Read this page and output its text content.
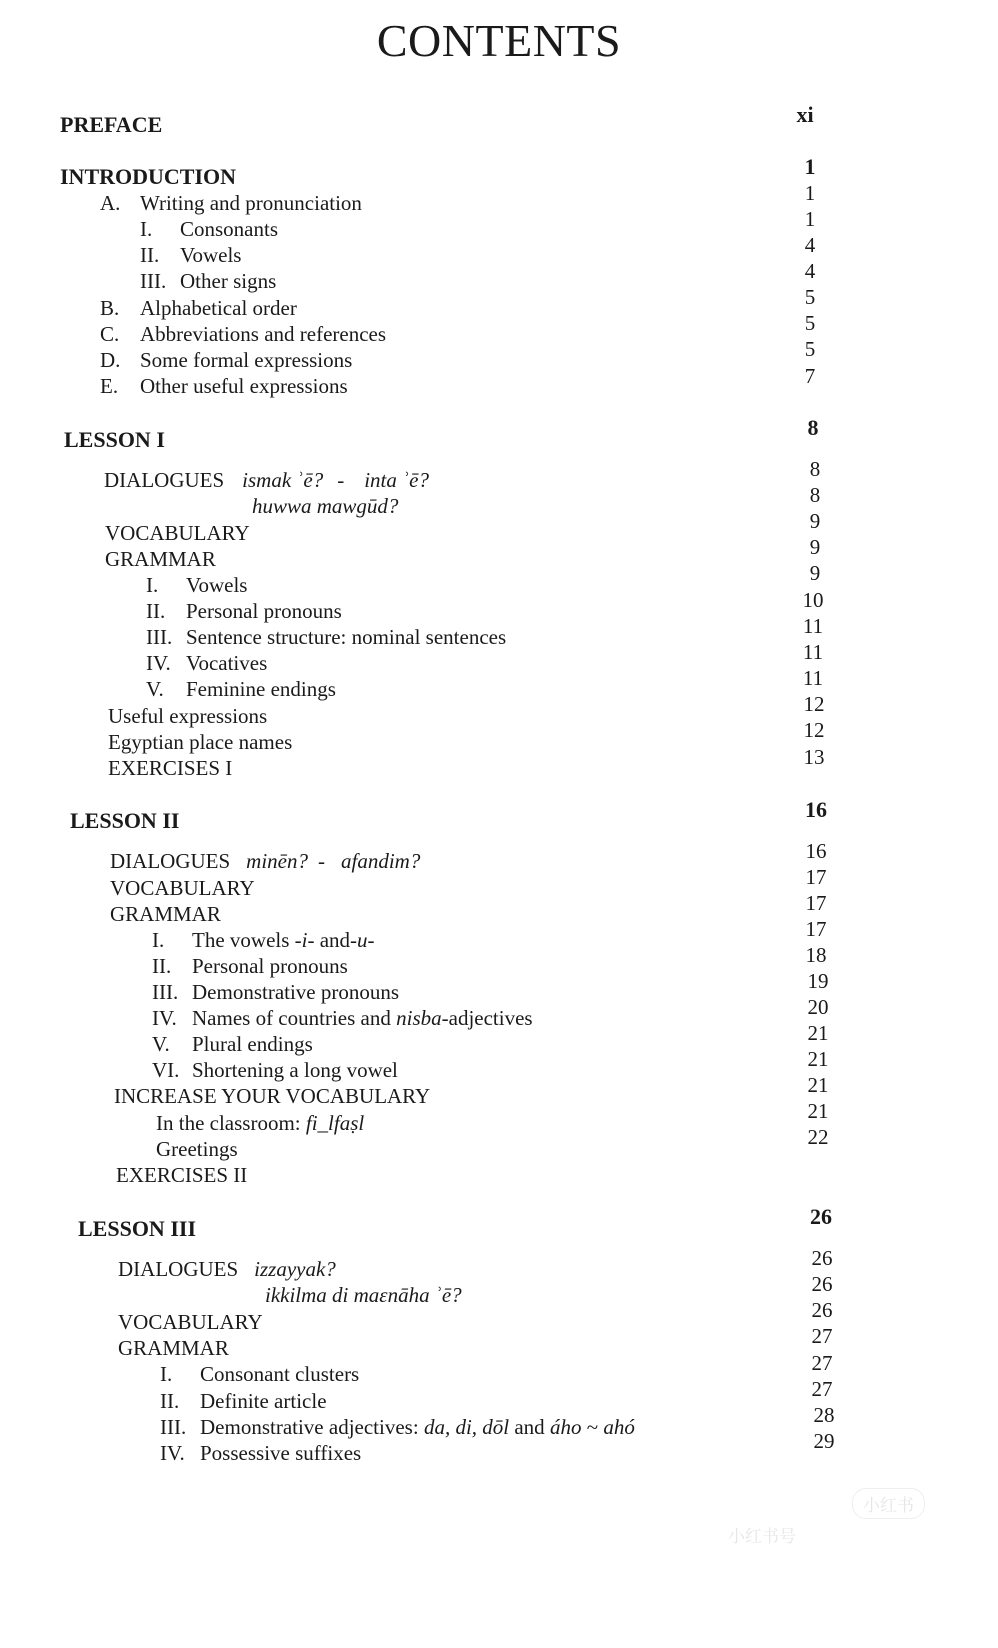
CONTENTS
PREFACE	xi
INTRODUCTION	1
A. Writing and pronunciation	1
I. Consonants	1
II. Vowels	4
III. Other signs	4
B. Alphabetical order	5
C. Abbreviations and references	5
D. Some formal expressions	5
E. Other useful expressions	7
LESSON I	8
DIALOGUES ismak ʾē? - inta ʾē?	8
huwwa mawgūd?	8
VOCABULARY	9
GRAMMAR	9
I. Vowels	9
II. Personal pronouns	10
III. Sentence structure: nominal sentences	11
IV. Vocatives	11
V. Feminine endings	11
Useful expressions	12
Egyptian place names	12
EXERCISES I	13
LESSON II	16
DIALOGUES minēn? - afandim?	16
VOCABULARY	17
GRAMMAR	17
I. The vowels -i- and-u-	17
II. Personal pronouns	18
III. Demonstrative pronouns	19
IV. Names of countries and nisba-adjectives	20
V. Plural endings	21
VI. Shortening a long vowel	21
INCREASE YOUR VOCABULARY	21
In the classroom: fi_lfaṣl	21
Greetings	22
EXERCISES II
LESSON III	26
DIALOGUES izzayyak?	26
ikkilma di maɛnāha ʾē?	26
VOCABULARY	26
GRAMMAR	27
I. Consonant clusters	27
II. Definite article	27
III. Demonstrative adjectives: da, di, dōl and áho ~ ahó	28
IV. Possessive suffixes	29
小红书
小红书号
